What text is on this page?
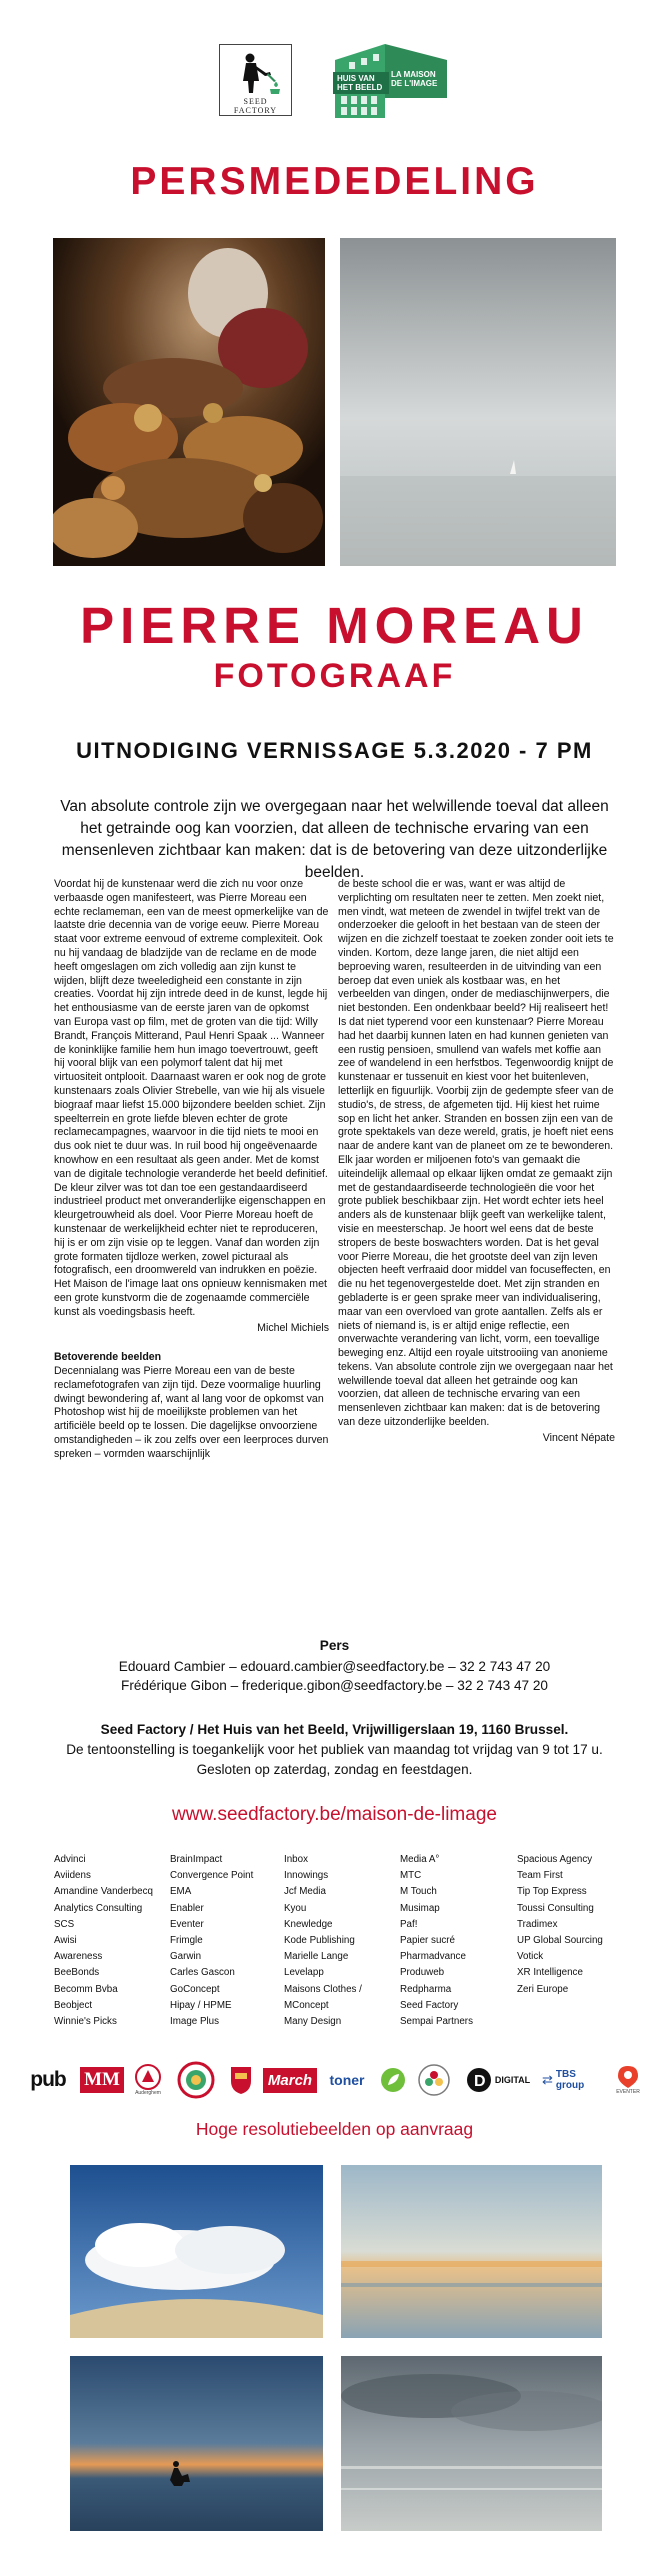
SEED
FACTORY
HUIS VAN
HET BEELD
LA MAISON
DE L'IMAGE
PERSMEDEDELING
PIERRE MOREAU
FOTOGRAAF
UITNODIGING VERNISSAGE 5.3.2020 - 7 PM

Van absolute controle zijn we overgegaan naar het welwillende toeval dat alleen het getrainde oog kan voorzien, dat alleen de technische ervaring van een mensenleven zichtbaar kan maken: dat is de betovering van deze uitzonderlijke beelden.

Voordat hij de kunstenaar werd die zich nu voor onze verbaasde ogen manifesteert, was Pierre Moreau een echte reclameman, een van de meest opmerkelijke van de laatste drie decennia van de vorige eeuw. Pierre Moreau staat voor extreme eenvoud of extreme complexiteit. Ook nu hij vandaag de bladzijde van de reclame en de mode heeft omgeslagen om zich volledig aan zijn kunst te wijden, blijft deze tweeledigheid een constante in zijn creaties. Voordat hij zijn intrede deed in de kunst, legde hij het enthousiasme van de eerste jaren van de opkomst van Europa vast op film, met de groten van die tijd: Willy Brandt, François Mitterand, Paul Henri Spaak ... Wanneer de koninklijke familie hem hun imago toevertrouwt, geeft hij vooral blijk van een polymorf talent dat hij met virtuositeit ontplooit. Daarnaast waren er ook nog de grote kunstenaars zoals Olivier Strebelle, van wie hij als visuele biograaf maar liefst 15.000 bijzondere beelden schiet. Zijn speelterrein en grote liefde bleven echter de grote reclamecampagnes, waarvoor in die tijd niets te mooi en dus ook niet te duur was. In ruil bood hij ongeëvenaarde knowhow en een resultaat als geen ander. Met de komst van de digitale technologie veranderde het beeld definitief. De kleur zilver was tot dan toe een gestandaardiseerd industrieel product met onveranderlijke eigenschappen en kleurgetrouwheid als doel. Voor Pierre Moreau hoeft de kunstenaar de werkelijkheid echter niet te reproduceren, hij is er om zijn visie op te leggen. Vanaf dan worden zijn grote formaten tijdloze werken, zowel picturaal als fotografisch, een droomwereld van indrukken en poëzie. Het Maison de l'image laat ons opnieuw kennismaken met een grote kunstvorm die de zogenaamde commerciële kunst als voedingsbasis heeft.

Michel Michiels

Betoverende beelden

Decennialang was Pierre Moreau een van de beste reclamefotografen van zijn tijd. Deze voormalige huurling dwingt bewondering af, want al lang voor de opkomst van Photoshop wist hij de moeilijkste problemen van het artificiële beeld op te lossen. Die dagelijkse onvoorziene omstandigheden – ik zou zelfs over een leerproces durven spreken – vormden waarschijnlijk

de beste school die er was, want er was altijd de verplichting om resultaten neer te zetten. Men zoekt niet, men vindt, wat meteen de zwendel in twijfel trekt van de onderzoeker die gelooft in het bestaan van de steen der wijzen en die zichzelf toestaat te zoeken zonder ooit iets te vinden. Kortom, deze lange jaren, die niet altijd een beproeving waren, resulteerden in de uitvinding van een beroep dat even uniek als kostbaar was, en het verbeelden van dingen, onder de mediaschijnwerpers, die niet bestonden. Een ondenkbaar beeld? Hij realiseert het! Is dat niet typerend voor een kunstenaar? Pierre Moreau had het daarbij kunnen laten en had kunnen genieten van een rustig pensioen, smullend van wafels met koffie aan zee of wandelend in een herfstbos. Tegenwoordig knijpt de kunstenaar er tussenuit en kiest voor het buitenleven, letterlijk en figuurlijk. Voorbij zijn de gedempte sfeer van de studio's, de stress, de afgemeten tijd. Hij kiest het ruime sop en licht het anker. Stranden en bossen zijn een van de grote spektakels van deze wereld, gratis, je hoeft niet eens naar de andere kant van de planeet om ze te bewonderen. Elk jaar worden er miljoenen foto's van gemaakt die uiteindelijk allemaal op elkaar lijken omdat ze gemaakt zijn met de gestandaardiseerde technologieën die voor het grote publiek beschikbaar zijn. Het wordt echter iets heel anders als de kunstenaar blijk geeft van werkelijke talent, visie en meesterschap. Je hoort wel eens dat de beste stropers de beste boswachters worden. Dat is het geval voor Pierre Moreau, die het grootste deel van zijn leven objecten heeft verfraaid door middel van focuseffecten, en die nu het tegenovergestelde doet. Met zijn stranden en gebladerte is er geen sprake meer van individualisering, maar van een overvloed van grote aantallen. Zelfs als er niets of niemand is, is er altijd enige reflectie, een onverwachte verandering van licht, vorm, een toevallige beweging enz. Altijd een royale uitstrooiing van anonieme tekens. Van absolute controle zijn we overgegaan naar het welwillende toeval dat alleen het getrainde oog kan voorzien, dat alleen de technische ervaring van een mensenleven zichtbaar kan maken: dat is de betovering van deze uitzonderlijke beelden.

Vincent Népate

Pers
Edouard Cambier – edouard.cambier@seedfactory.be – 32 2 743 47 20
Frédérique Gibon – frederique.gibon@seedfactory.be – 32 2 743 47 20
Seed Factory / Het Huis van het Beeld, Vrijwilligerslaan 19, 1160 Brussel.
De tentoonstelling is toegankelijk voor het publiek van maandag tot vrijdag van 9 tot 17 u.
Gesloten op zaterdag, zondag en feestdagen.
www.seedfactory.be/maison-de-limage
Advinci
Aviidens
Amandine Vanderbecq
Analytics Consulting
SCS
Awisi
Awareness
BeeBonds
Becomm Bvba
Beobject
Winnie's Picks
BrainImpact
Convergence Point
EMA
Enabler
Eventer
Frimgle
Garwin
Carles Gascon
GoConcept
Hipay / HPME
Image Plus
Inbox
Innowings
Jcf Media
Kyou
Knewledge
Kode Publishing
Marielle Lange
Levelapp
Maisons Clothes /
MConcept
Many Design
Media A°
MTC
M Touch
Musimap
Paf!
Papier sucré
Pharmadvance
Produweb
Redpharma
Seed Factory
Sempai Partners
Spacious Agency
Team First
Tip Top Express
Toussi Consulting
Tradimex
UP Global Sourcing
Votick
XR Intelligence
Zeri Europe
pub MM
Auderghem
March	toner	D DIGITAL ⇄ TBS group
EVENTER
Hoge resolutiebeelden op aanvraag
